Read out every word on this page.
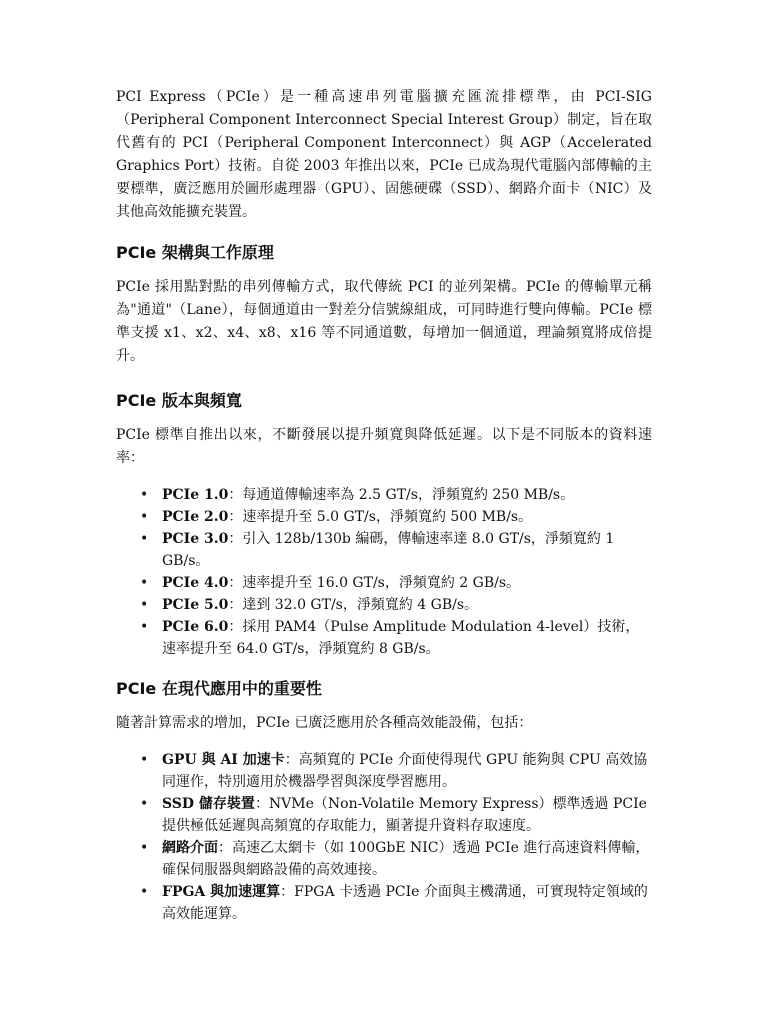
PCI Express（PCIe）是一種高速串列電腦擴充匯流排標準，由 PCI-SIG（Peripheral Component Interconnect Special Interest Group）制定，旨在取代舊有的 PCI（Peripheral Component Interconnect）與 AGP（Accelerated Graphics Port）技術。自從 2003 年推出以來，PCIe 已成為現代電腦內部傳輸的主要標準，廣泛應用於圖形處理器（GPU）、固態硬碟（SSD）、網路介面卡（NIC）及其他高效能擴充裝置。

PCIe 架構與工作原理

PCIe 採用點對點的串列傳輸方式，取代傳統 PCI 的並列架構。PCIe 的傳輸單元稱為"通道"（Lane），每個通道由一對差分信號線組成，可同時進行雙向傳輸。PCIe 標準支援 x1、x2、x4、x8、x16 等不同通道數，每增加一個通道，理論頻寬將成倍提升。

PCIe 版本與頻寬

PCIe 標準自推出以來，不斷發展以提升頻寬與降低延遲。以下是不同版本的資料速率：

• PCIe 1.0：每通道傳輸速率為 2.5 GT/s，淨頻寬約 250 MB/s。
• PCIe 2.0：速率提升至 5.0 GT/s，淨頻寬約 500 MB/s。
• PCIe 3.0：引入 128b/130b 編碼，傳輸速率達 8.0 GT/s，淨頻寬約 1 GB/s。
• PCIe 4.0：速率提升至 16.0 GT/s，淨頻寬約 2 GB/s。
• PCIe 5.0：達到 32.0 GT/s，淨頻寬約 4 GB/s。
• PCIe 6.0：採用 PAM4（Pulse Amplitude Modulation 4-level）技術，速率提升至 64.0 GT/s，淨頻寬約 8 GB/s。
PCIe 在現代應用中的重要性

隨著計算需求的增加，PCIe 已廣泛應用於各種高效能設備，包括：

• GPU 與 AI 加速卡：高頻寬的 PCIe 介面使得現代 GPU 能夠與 CPU 高效協同運作，特別適用於機器學習與深度學習應用。
• SSD 儲存裝置：NVMe（Non-Volatile Memory Express）標準透過 PCIe 提供極低延遲與高頻寬的存取能力，顯著提升資料存取速度。
• 網路介面：高速乙太網卡（如 100GbE NIC）透過 PCIe 進行高速資料傳輸，確保伺服器與網路設備的高效連接。
• FPGA 與加速運算：FPGA 卡透過 PCIe 介面與主機溝通，可實現特定領域的高效能運算。
